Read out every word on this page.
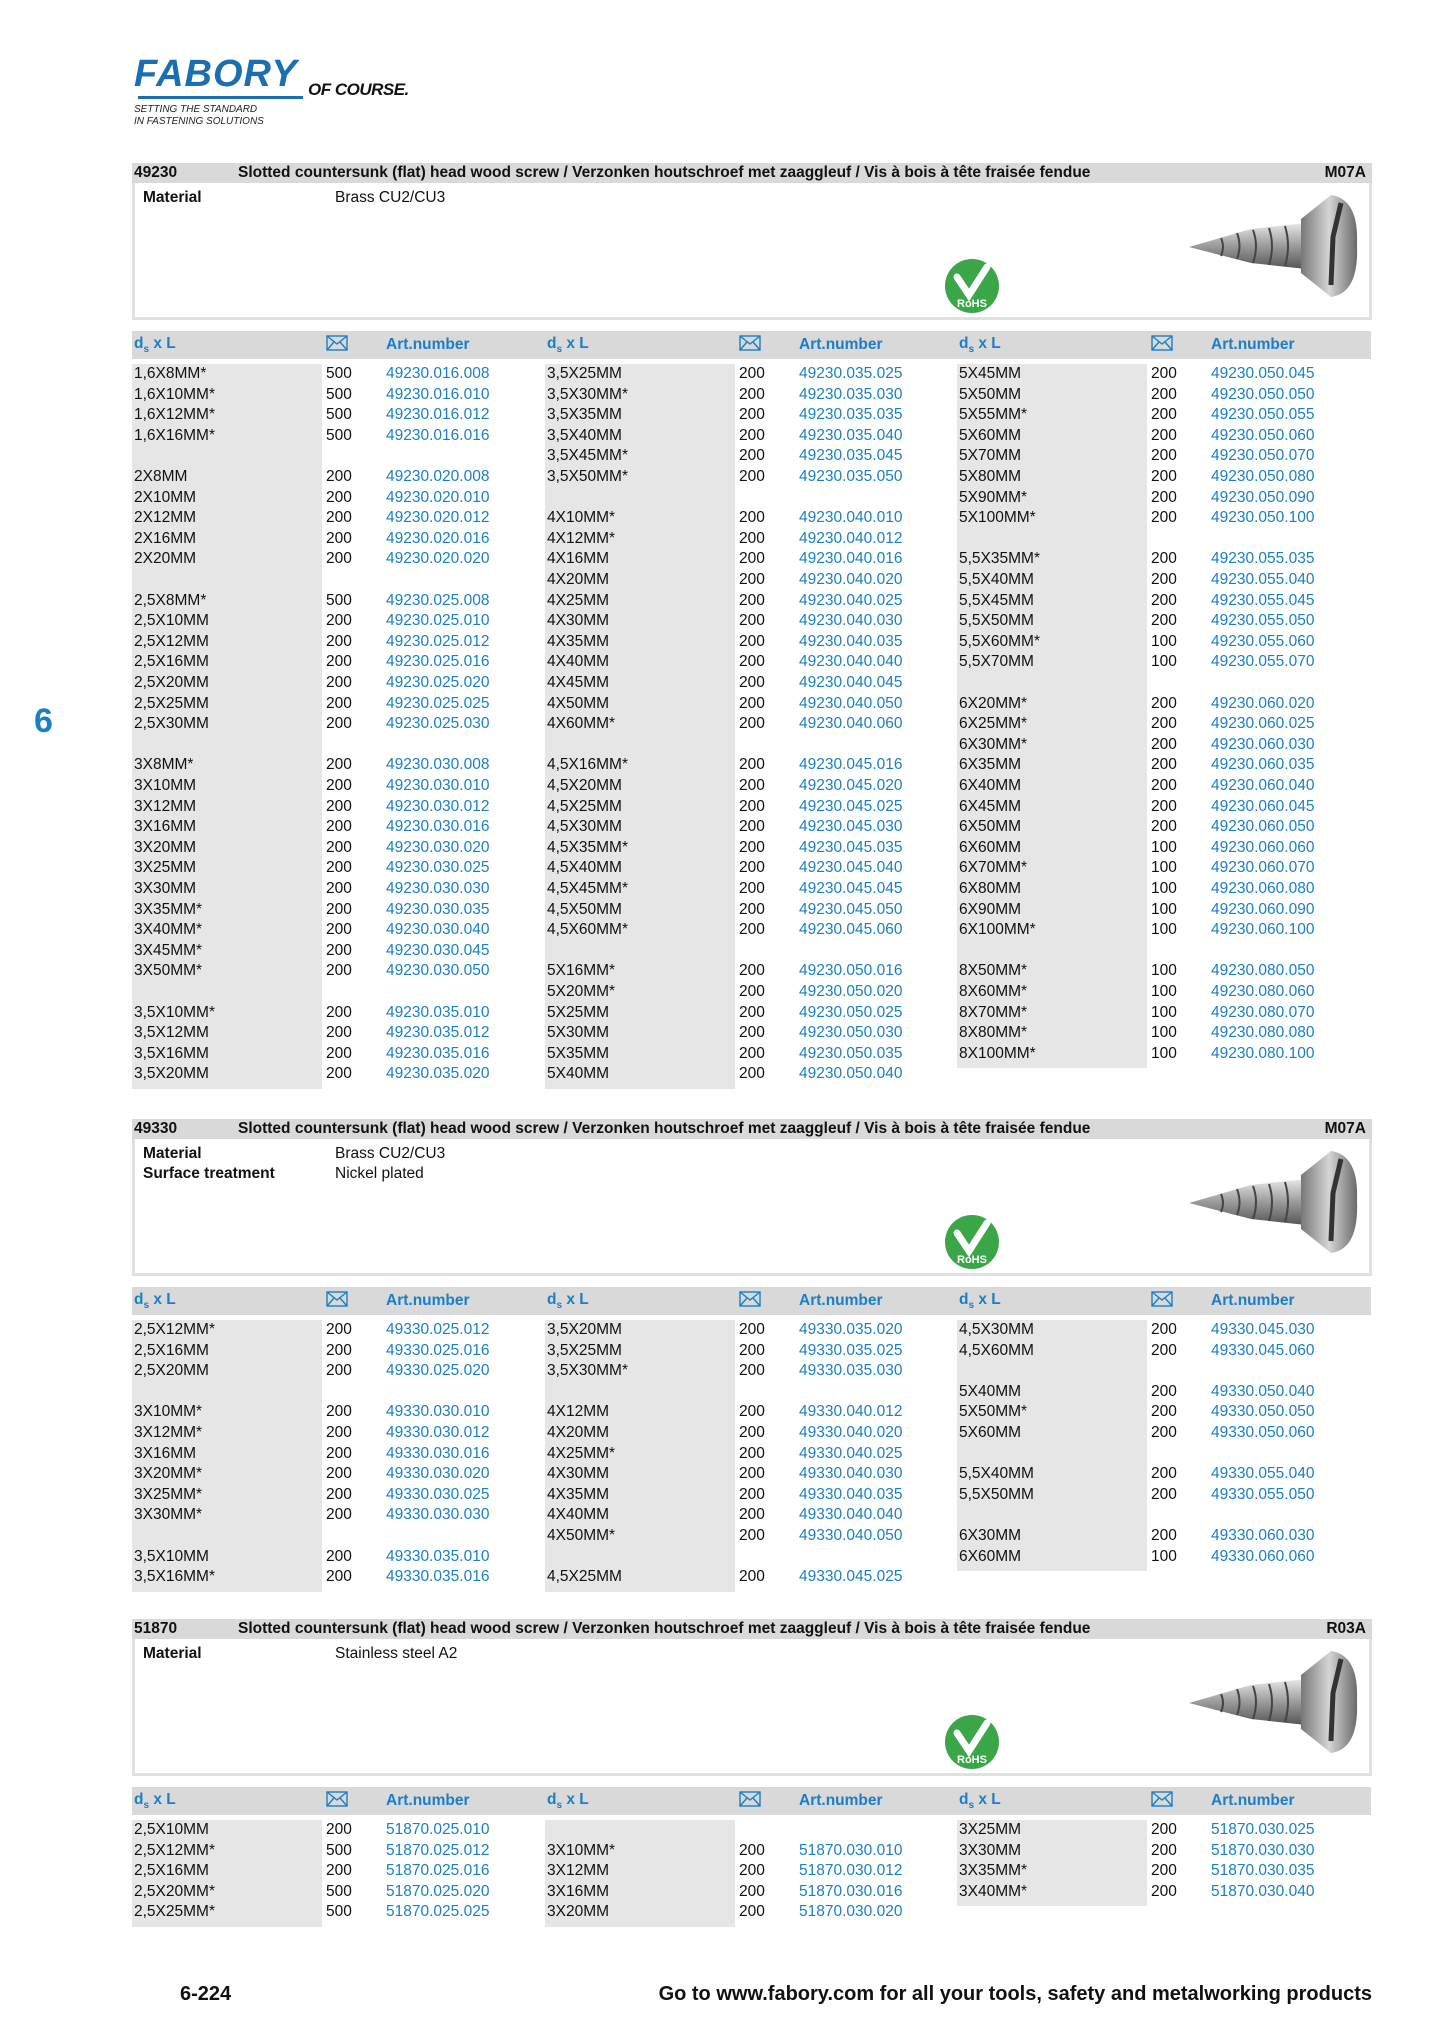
FABORY OF COURSE.
SETTING THE STANDARD
IN FASTENING SOLUTIONS
6
49230	Slotted countersunk (flat) head wood screw / Verzonken houtschroef met zaaggleuf / Vis à bois à tête fraisée fendue	M07A
Material	Brass CU2/CU3
RoHS
49330	Slotted countersunk (flat) head wood screw / Verzonken houtschroef met zaaggleuf / Vis à bois à tête fraisée fendue	M07A
Material	Brass CU2/CU3
Surface treatment	Nickel plated
RoHS
51870	Slotted countersunk (flat) head wood screw / Verzonken houtschroef met zaaggleuf / Vis à bois à tête fraisée fendue	R03A
Material	Stainless steel A2
RoHS
6-224	Go to www.fabory.com for all your tools, safety and metalworking products
$d_s$ x L	Art.number	$d_s$ x L	Art.number	$d_s$ x L	Art.number
1,6X8MM*	500 49230.016.008
1,6X10MM*	500 49230.016.010
1,6X12MM*	500 49230.016.012
1,6X16MM*	500 49230.016.016
2X8MM	200 49230.020.008
2X10MM	200 49230.020.010
2X12MM	200 49230.020.012
2X16MM	200 49230.020.016
2X20MM	200 49230.020.020
2,5X8MM*	500 49230.025.008
2,5X10MM	200 49230.025.010
2,5X12MM	200 49230.025.012
2,5X16MM	200 49230.025.016
2,5X20MM	200 49230.025.020
2,5X25MM	200 49230.025.025
2,5X30MM	200 49230.025.030
3X8MM*	200 49230.030.008
3X10MM	200 49230.030.010
3X12MM	200 49230.030.012
3X16MM	200 49230.030.016
3X20MM	200 49230.030.020
3X25MM	200 49230.030.025
3X30MM	200 49230.030.030
3X35MM*	200 49230.030.035
3X40MM*	200 49230.030.040
3X45MM*	200 49230.030.045
3X50MM*	200 49230.030.050
3,5X10MM*	200 49230.035.010
3,5X12MM	200 49230.035.012
3,5X16MM	200 49230.035.016
3,5X20MM	200 49230.035.020
3,5X25MM	200 49230.035.025
3,5X30MM*	200 49230.035.030
3,5X35MM	200 49230.035.035
3,5X40MM	200 49230.035.040
3,5X45MM*	200 49230.035.045
3,5X50MM*	200 49230.035.050
4X10MM*	200 49230.040.010
4X12MM*	200 49230.040.012
4X16MM	200 49230.040.016
4X20MM	200 49230.040.020
4X25MM	200 49230.040.025
4X30MM	200 49230.040.030
4X35MM	200 49230.040.035
4X40MM	200 49230.040.040
4X45MM	200 49230.040.045
4X50MM	200 49230.040.050
4X60MM*	200 49230.040.060
4,5X16MM*	200 49230.045.016
4,5X20MM	200 49230.045.020
4,5X25MM	200 49230.045.025
4,5X30MM	200 49230.045.030
4,5X35MM*	200 49230.045.035
4,5X40MM	200 49230.045.040
4,5X45MM*	200 49230.045.045
4,5X50MM	200 49230.045.050
4,5X60MM*	200 49230.045.060
5X16MM*	200 49230.050.016
5X20MM*	200 49230.050.020
5X25MM	200 49230.050.025
5X30MM	200 49230.050.030
5X35MM	200 49230.050.035
5X40MM	200 49230.050.040
5X45MM	200 49230.050.045
5X50MM	200 49230.050.050
5X55MM*	200 49230.050.055
5X60MM	200 49230.050.060
5X70MM	200 49230.050.070
5X80MM	200 49230.050.080
5X90MM*	200 49230.050.090
5X100MM*	200 49230.050.100
5,5X35MM*	200 49230.055.035
5,5X40MM	200 49230.055.040
5,5X45MM	200 49230.055.045
5,5X50MM	200 49230.055.050
5,5X60MM*	100 49230.055.060
5,5X70MM	100 49230.055.070
6X20MM*	200 49230.060.020
6X25MM*	200 49230.060.025
6X30MM*	200 49230.060.030
6X35MM	200 49230.060.035
6X40MM	200 49230.060.040
6X45MM	200 49230.060.045
6X50MM	200 49230.060.050
6X60MM	100 49230.060.060
6X70MM*	100 49230.060.070
6X80MM	100 49230.060.080
6X90MM	100 49230.060.090
6X100MM*	100 49230.060.100
8X50MM*	100 49230.080.050
8X60MM*	100 49230.080.060
8X70MM*	100 49230.080.070
8X80MM*	100 49230.080.080
8X100MM*	100 49230.080.100
$d_s$ x L	Art.number	$d_s$ x L	Art.number	$d_s$ x L	Art.number
2,5X12MM*	200 49330.025.012
2,5X16MM	200 49330.025.016
2,5X20MM	200 49330.025.020
3X10MM*	200 49330.030.010
3X12MM*	200 49330.030.012
3X16MM	200 49330.030.016
3X20MM*	200 49330.030.020
3X25MM*	200 49330.030.025
3X30MM*	200 49330.030.030
3,5X10MM	200 49330.035.010
3,5X16MM*	200 49330.035.016
3,5X20MM	200 49330.035.020
3,5X25MM	200 49330.035.025
3,5X30MM*	200 49330.035.030
4X12MM	200 49330.040.012
4X20MM	200 49330.040.020
4X25MM*	200 49330.040.025
4X30MM	200 49330.040.030
4X35MM	200 49330.040.035
4X40MM	200 49330.040.040
4X50MM*	200 49330.040.050
4,5X25MM	200 49330.045.025
4,5X30MM	200 49330.045.030
4,5X60MM	200 49330.045.060
5X40MM	200 49330.050.040
5X50MM*	200 49330.050.050
5X60MM	200 49330.050.060
5,5X40MM	200 49330.055.040
5,5X50MM	200 49330.055.050
6X30MM	200 49330.060.030
6X60MM	100 49330.060.060
$d_s$ x L	Art.number	$d_s$ x L	Art.number	$d_s$ x L	Art.number
2,5X10MM	200 51870.025.010
2,5X12MM*	500 51870.025.012
2,5X16MM	200 51870.025.016
2,5X20MM*	500 51870.025.020
2,5X25MM*	500 51870.025.025
3X10MM*	200 51870.030.010
3X12MM	200 51870.030.012
3X16MM	200 51870.030.016
3X20MM	200 51870.030.020
3X25MM	200 51870.030.025
3X30MM	200 51870.030.030
3X35MM*	200 51870.030.035
3X40MM*	200 51870.030.040
